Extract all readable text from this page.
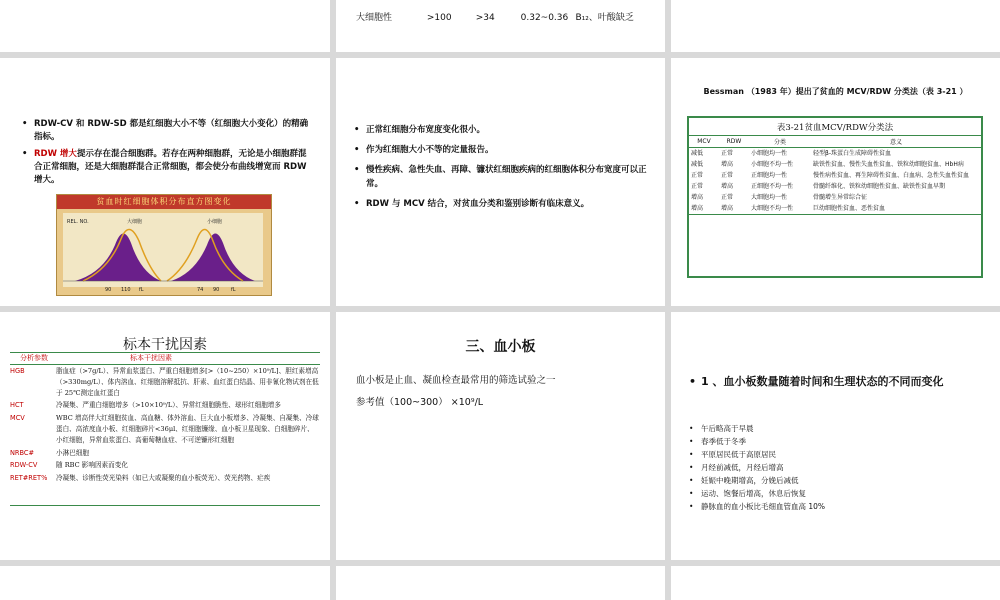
大细胞性	>100	>34	0.32~0.36 B₁₂、叶酸缺乏
• RDW-CV 和 RDW-SD 都是红细胞大小不等（红细胞大小变化）的精确指标。
• RDW 增大提示存在混合细胞群。若存在两种细胞群，无论是小细胞群混合正常细胞，还是大细胞群混合正常细胞，都会使分布曲线增宽而 RDW 增大。
贫血时红细胞体积分布直方图变化
REL. NO.	大细胞	小细胞
90 110 fL	74 90 fL
• 正常红细胞分布宽度变化很小。
• 作为红细胞大小不等的定量报告。
• 慢性疾病、急性失血、再障、镰状红细胞疾病的红细胞体积分布宽度可以正常。
• RDW 与 MCV 结合，对贫血分类和鉴别诊断有临床意义。
Bessman （1983 年）提出了贫血的 MCV/RDW 分类法（表 3-21 ）
表3-21贫血MCV/RDW分类法
MCV	RDW	分类	意义
减低	正常	小细胞均一性	轻型β-珠蛋白生成障碍性贫血
减低	增高	小细胞不均一性	缺铁性贫血、慢性失血性贫血、铁粒幼细胞贫血、HbH病
正常	正常	正细胞均一性	慢性病性贫血、再生障碍性贫血、白血病、急性失血性贫血
正常	增高	正细胞不均一性	骨髓纤维化、铁粒幼细胞性贫血、缺铁性贫血早期
增高	正常	大细胞均一性	骨髓增生异常综合征
增高	增高	大细胞不均一性	巨幼细胞性贫血、恶性贫血
标本干扰因素
分析参数	标本干扰因素
HGB	脂血症（>7g/L）、异常血浆蛋白、严重白细胞增多[>（10~250）×10⁹/L]、胆红素增高（>330mg/L）、体内溶血、红细胞溶解抵抗、肝素、血红蛋白结晶、用非氰化物试剂在低于 25℃测定血红蛋白
HCT	冷凝集、严重白细胞增多（>10×10⁹/L）、异常红细胞脆性、球形红细胞增多
MCV	WBC 增高伴大红细胞贫血、高血糖、体外溶血、巨大血小板增多、冷凝集、自凝集、冷球蛋白、高浓度血小板、红细胞碎片<36μl、红细胞镰缘、血小板卫星现象、白细胞碎片、小红细胞，异常血浆蛋白、高葡萄糖血症、不可逆镰形红细胞
NRBC#	小淋巴细胞
RDW-CV	随 RBC 影响因素而变化
RET#RET%	冷凝集、诊断性荧光染料（如已大或凝聚的血小板荧光）、荧光药物、疟疾
三、血小板
血小板是止血、凝血检查最常用的筛选试验之一
参考值（100~300） ×10⁹/L
• 1 、血小板数量随着时间和生理状态的不同而变化
• 午后略高于早晨
• 春季低于冬季
• 平原居民低于高原居民
• 月经前减低，月经后增高
• 妊娠中晚期增高，分娩后减低
• 运动、饱餐后增高，休息后恢复
• 静脉血的血小板比毛细血管血高 10%
